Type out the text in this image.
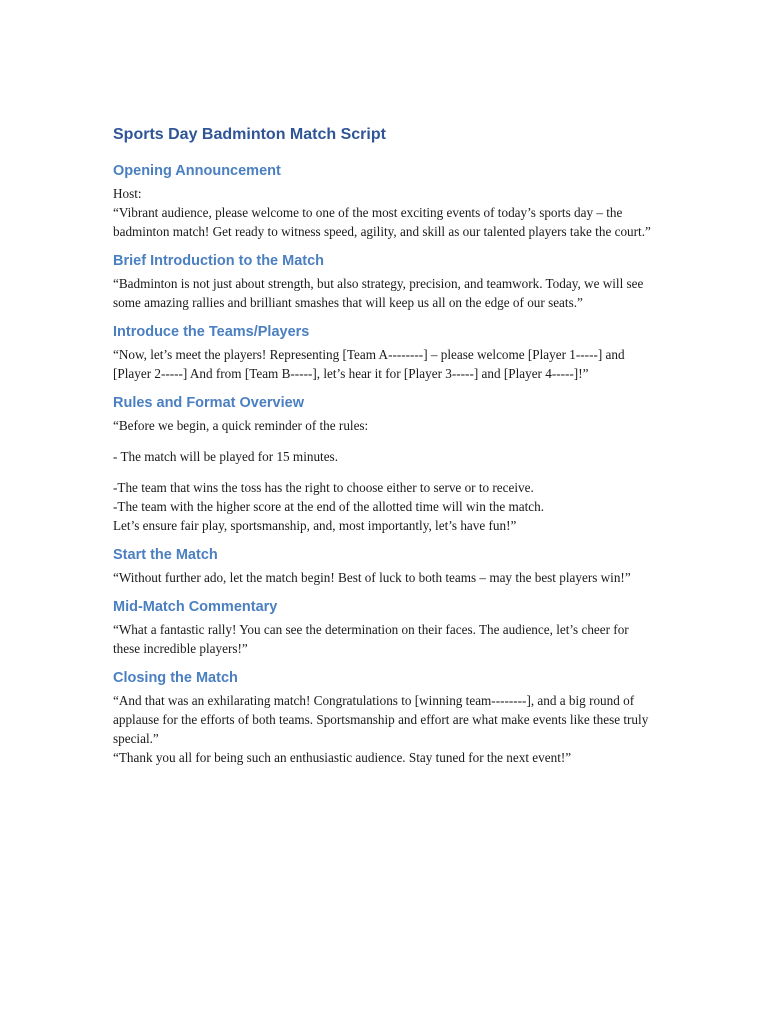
Sports Day Badminton Match Script
Opening Announcement

Host:

“Vibrant audience, please welcome to one of the most exciting events of today’s sports day – the badminton match! Get ready to witness speed, agility, and skill as our talented players take the court.”

Brief Introduction to the Match

“Badminton is not just about strength, but also strategy, precision, and teamwork. Today, we will see some amazing rallies and brilliant smashes that will keep us all on the edge of our seats.”

Introduce the Teams/Players

“Now, let’s meet the players! Representing [Team A--------] – please welcome [Player 1-----] and [Player 2-----] And from [Team B-----], let’s hear it for [Player 3-----] and [Player 4-----]!”

Rules and Format Overview

“Before we begin, a quick reminder of the rules:

- The match will be played for 15 minutes.

-The team that wins the toss has the right to choose either to serve or to receive.

-The team with the higher score at the end of the allotted time will win the match.

Let’s ensure fair play, sportsmanship, and, most importantly, let’s have fun!”

Start the Match

“Without further ado, let the match begin! Best of luck to both teams – may the best players win!”

Mid-Match Commentary

“What a fantastic rally! You can see the determination on their faces. The audience, let’s cheer for these incredible players!”

Closing the Match

“And that was an exhilarating match! Congratulations to [winning team--------], and a big round of applause for the efforts of both teams. Sportsmanship and effort are what make events like these truly special.”

“Thank you all for being such an enthusiastic audience. Stay tuned for the next event!”
